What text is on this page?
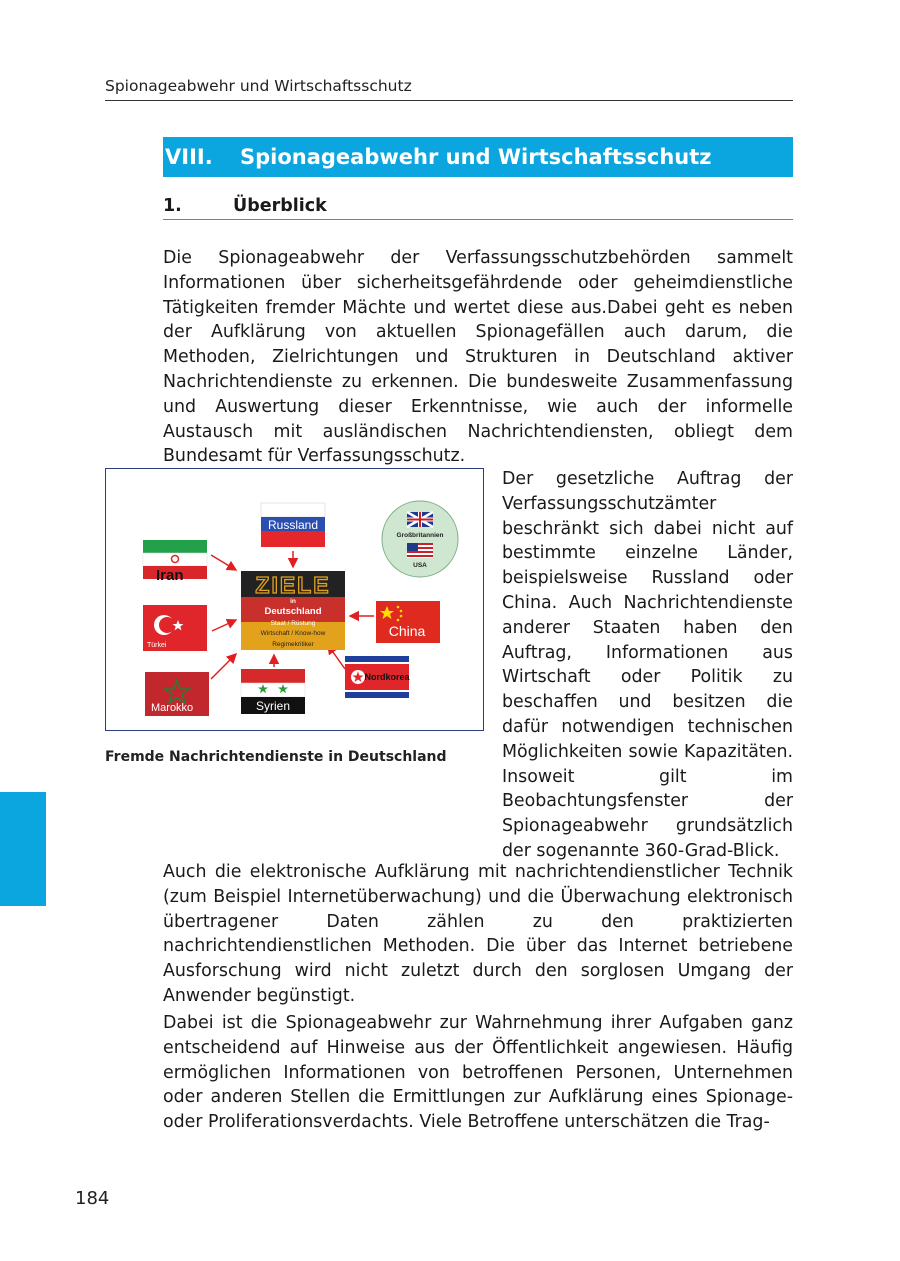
Spionageabwehr und Wirtschaftsschutz
VIII.	Spionageabwehr und Wirtschaftsschutz
1.	Überblick

Die Spionageabwehr der Verfassungsschutzbehörden sammelt Informationen über sicherheitsgefährdende oder geheimdienstliche Tätigkeiten fremder Mächte und wertet diese aus.Dabei geht es neben der Aufklärung von aktuellen Spionagefällen auch darum, die Methoden, Zielrichtungen und Strukturen in Deutschland aktiver Nachrichtendienste zu erkennen. Die bundesweite Zusammenfassung und Auswertung dieser Erkenntnisse, wie auch der informelle Austausch mit ausländischen Nachrichtendiensten, obliegt dem Bundesamt für Verfassungsschutz.

Russland
Großbritannien
USA
Iran
Türkei
Marokko
ZIELE
in
Deutschland
Staat / Rüstung
Wirtschaft / Know-how
Regimekritiker
China
Syrien
Nordkorea
Fremde Nachrichtendienste in Deutschland

Der gesetzliche Auftrag der Verfassungsschutzämter beschränkt sich dabei nicht auf bestimmte einzelne Länder, beispielsweise Russland oder China. Auch Nachrichtendienste anderer Staaten haben den Auftrag, Informationen aus Wirtschaft oder Politik zu beschaffen und besitzen die dafür notwendigen technischen Möglichkeiten sowie Kapazitäten. Insoweit gilt im Beobachtungsfenster der Spionageabwehr grundsätzlich der sogenannte 360-Grad-Blick.

Auch die elektronische Aufklärung mit nachrichtendienstlicher Technik (zum Beispiel Internetüberwachung) und die Überwachung elektronisch übertragener Daten zählen zu den praktizierten nachrichtendienstlichen Methoden. Die über das Internet betriebene Ausforschung wird nicht zuletzt durch den sorglosen Umgang der Anwender begünstigt.

Dabei ist die Spionageabwehr zur Wahrnehmung ihrer Aufgaben ganz entscheidend auf Hinweise aus der Öffentlichkeit angewiesen. Häufig ermöglichen Informationen von betroffenen Personen, Unternehmen oder anderen Stellen die Ermittlungen zur Aufklärung eines Spionage- oder Proliferationsverdachts. Viele Betroffene unterschätzen die Trag-

184
